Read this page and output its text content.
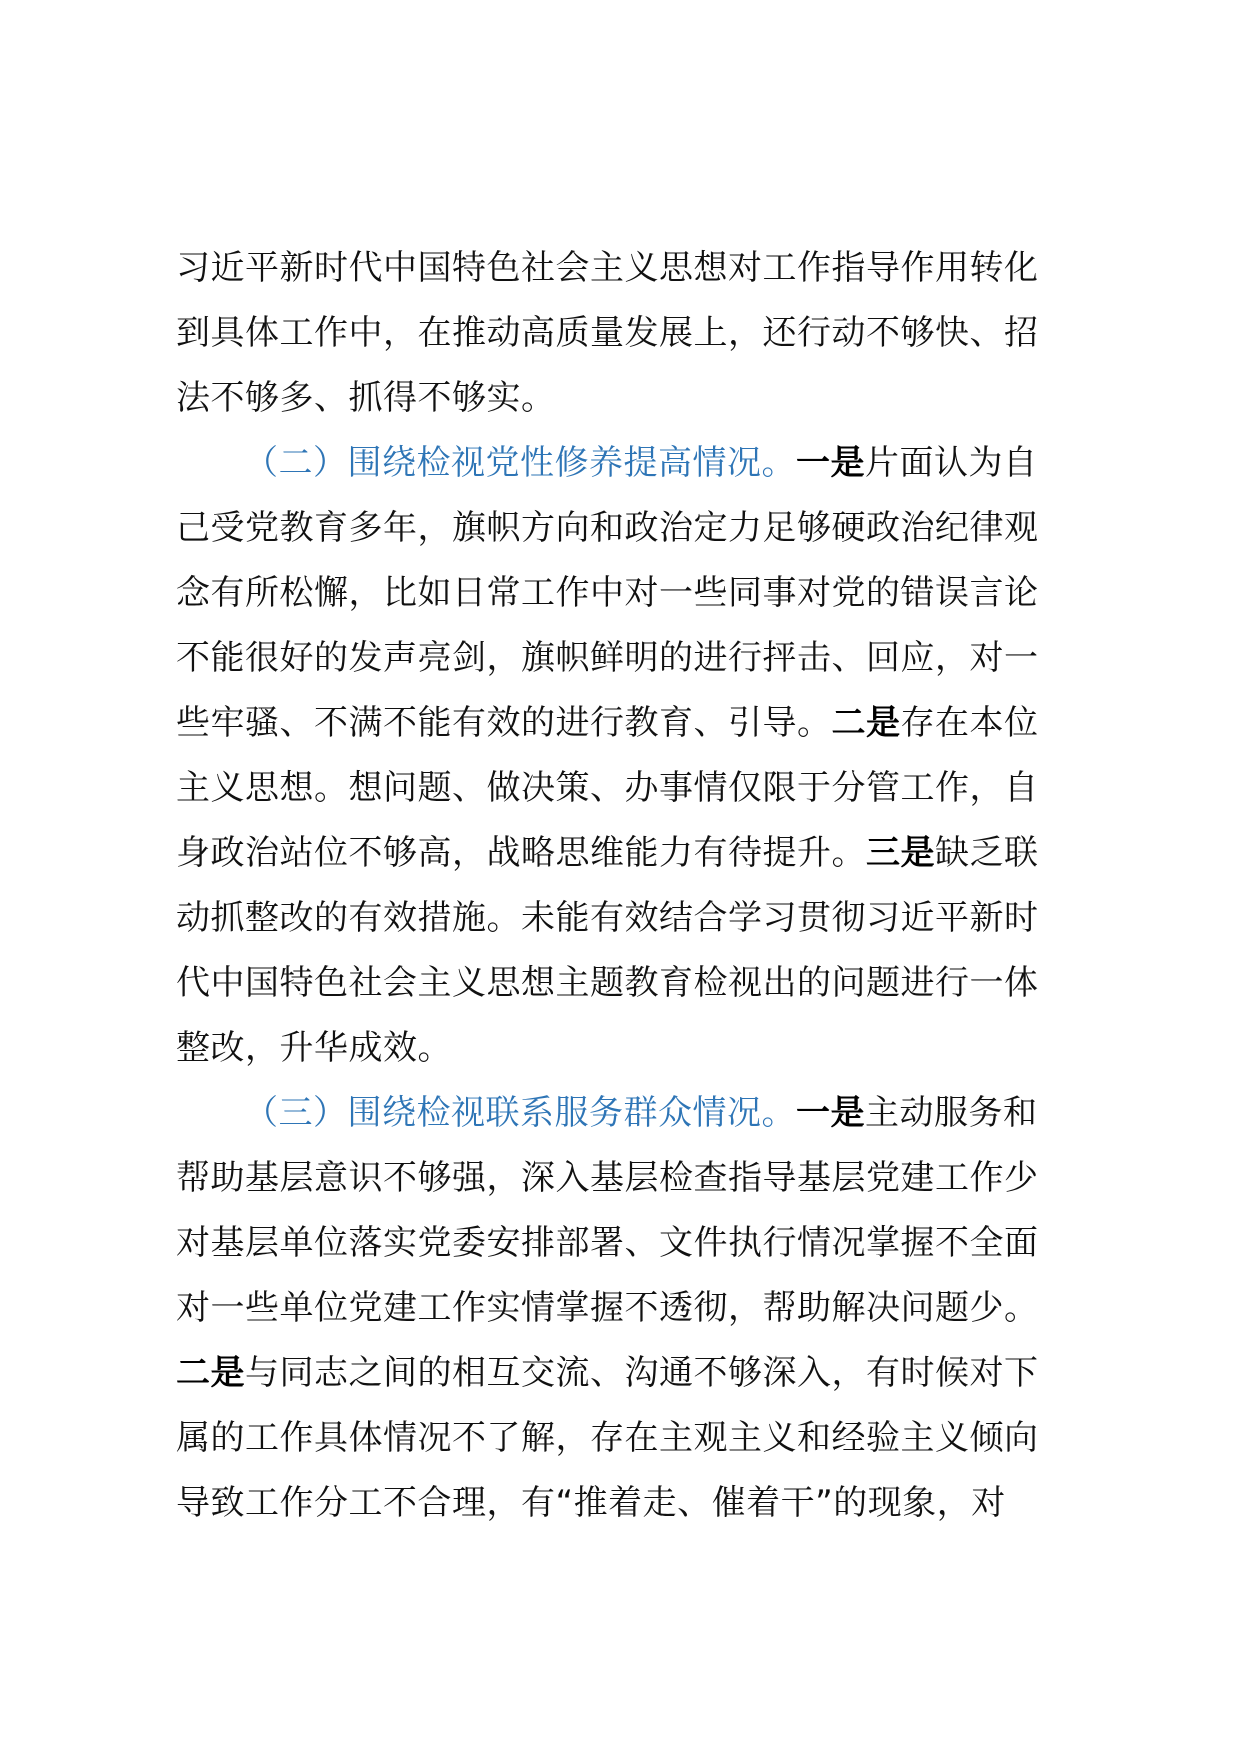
习近平新时代中国特色社会主义思想对工作指导作用转化
到具体工作中，在推动高质量发展上，还行动不够快、招
法不够多、抓得不够实。
（二）围绕检视党性修养提高情况。一是片面认为自
己受党教育多年，旗帜方向和政治定力足够硬政治纪律观
念有所松懈，比如日常工作中对一些同事对党的错误言论
不能很好的发声亮剑，旗帜鲜明的进行抨击、回应，对一
些牢骚、不满不能有效的进行教育、引导。二是存在本位
主义思想。想问题、做决策、办事情仅限于分管工作，自
身政治站位不够高，战略思维能力有待提升。三是缺乏联
动抓整改的有效措施。未能有效结合学习贯彻习近平新时
代中国特色社会主义思想主题教育检视出的问题进行一体
整改，升华成效。
（三）围绕检视联系服务群众情况。一是主动服务和
帮助基层意识不够强，深入基层检查指导基层党建工作少
对基层单位落实党委安排部署、文件执行情况掌握不全面
对一些单位党建工作实情掌握不透彻，帮助解决问题少。
二是与同志之间的相互交流、沟通不够深入，有时候对下
属的工作具体情况不了解，存在主观主义和经验主义倾向
导致工作分工不合理，有“推着走、催着干”的现象，对
